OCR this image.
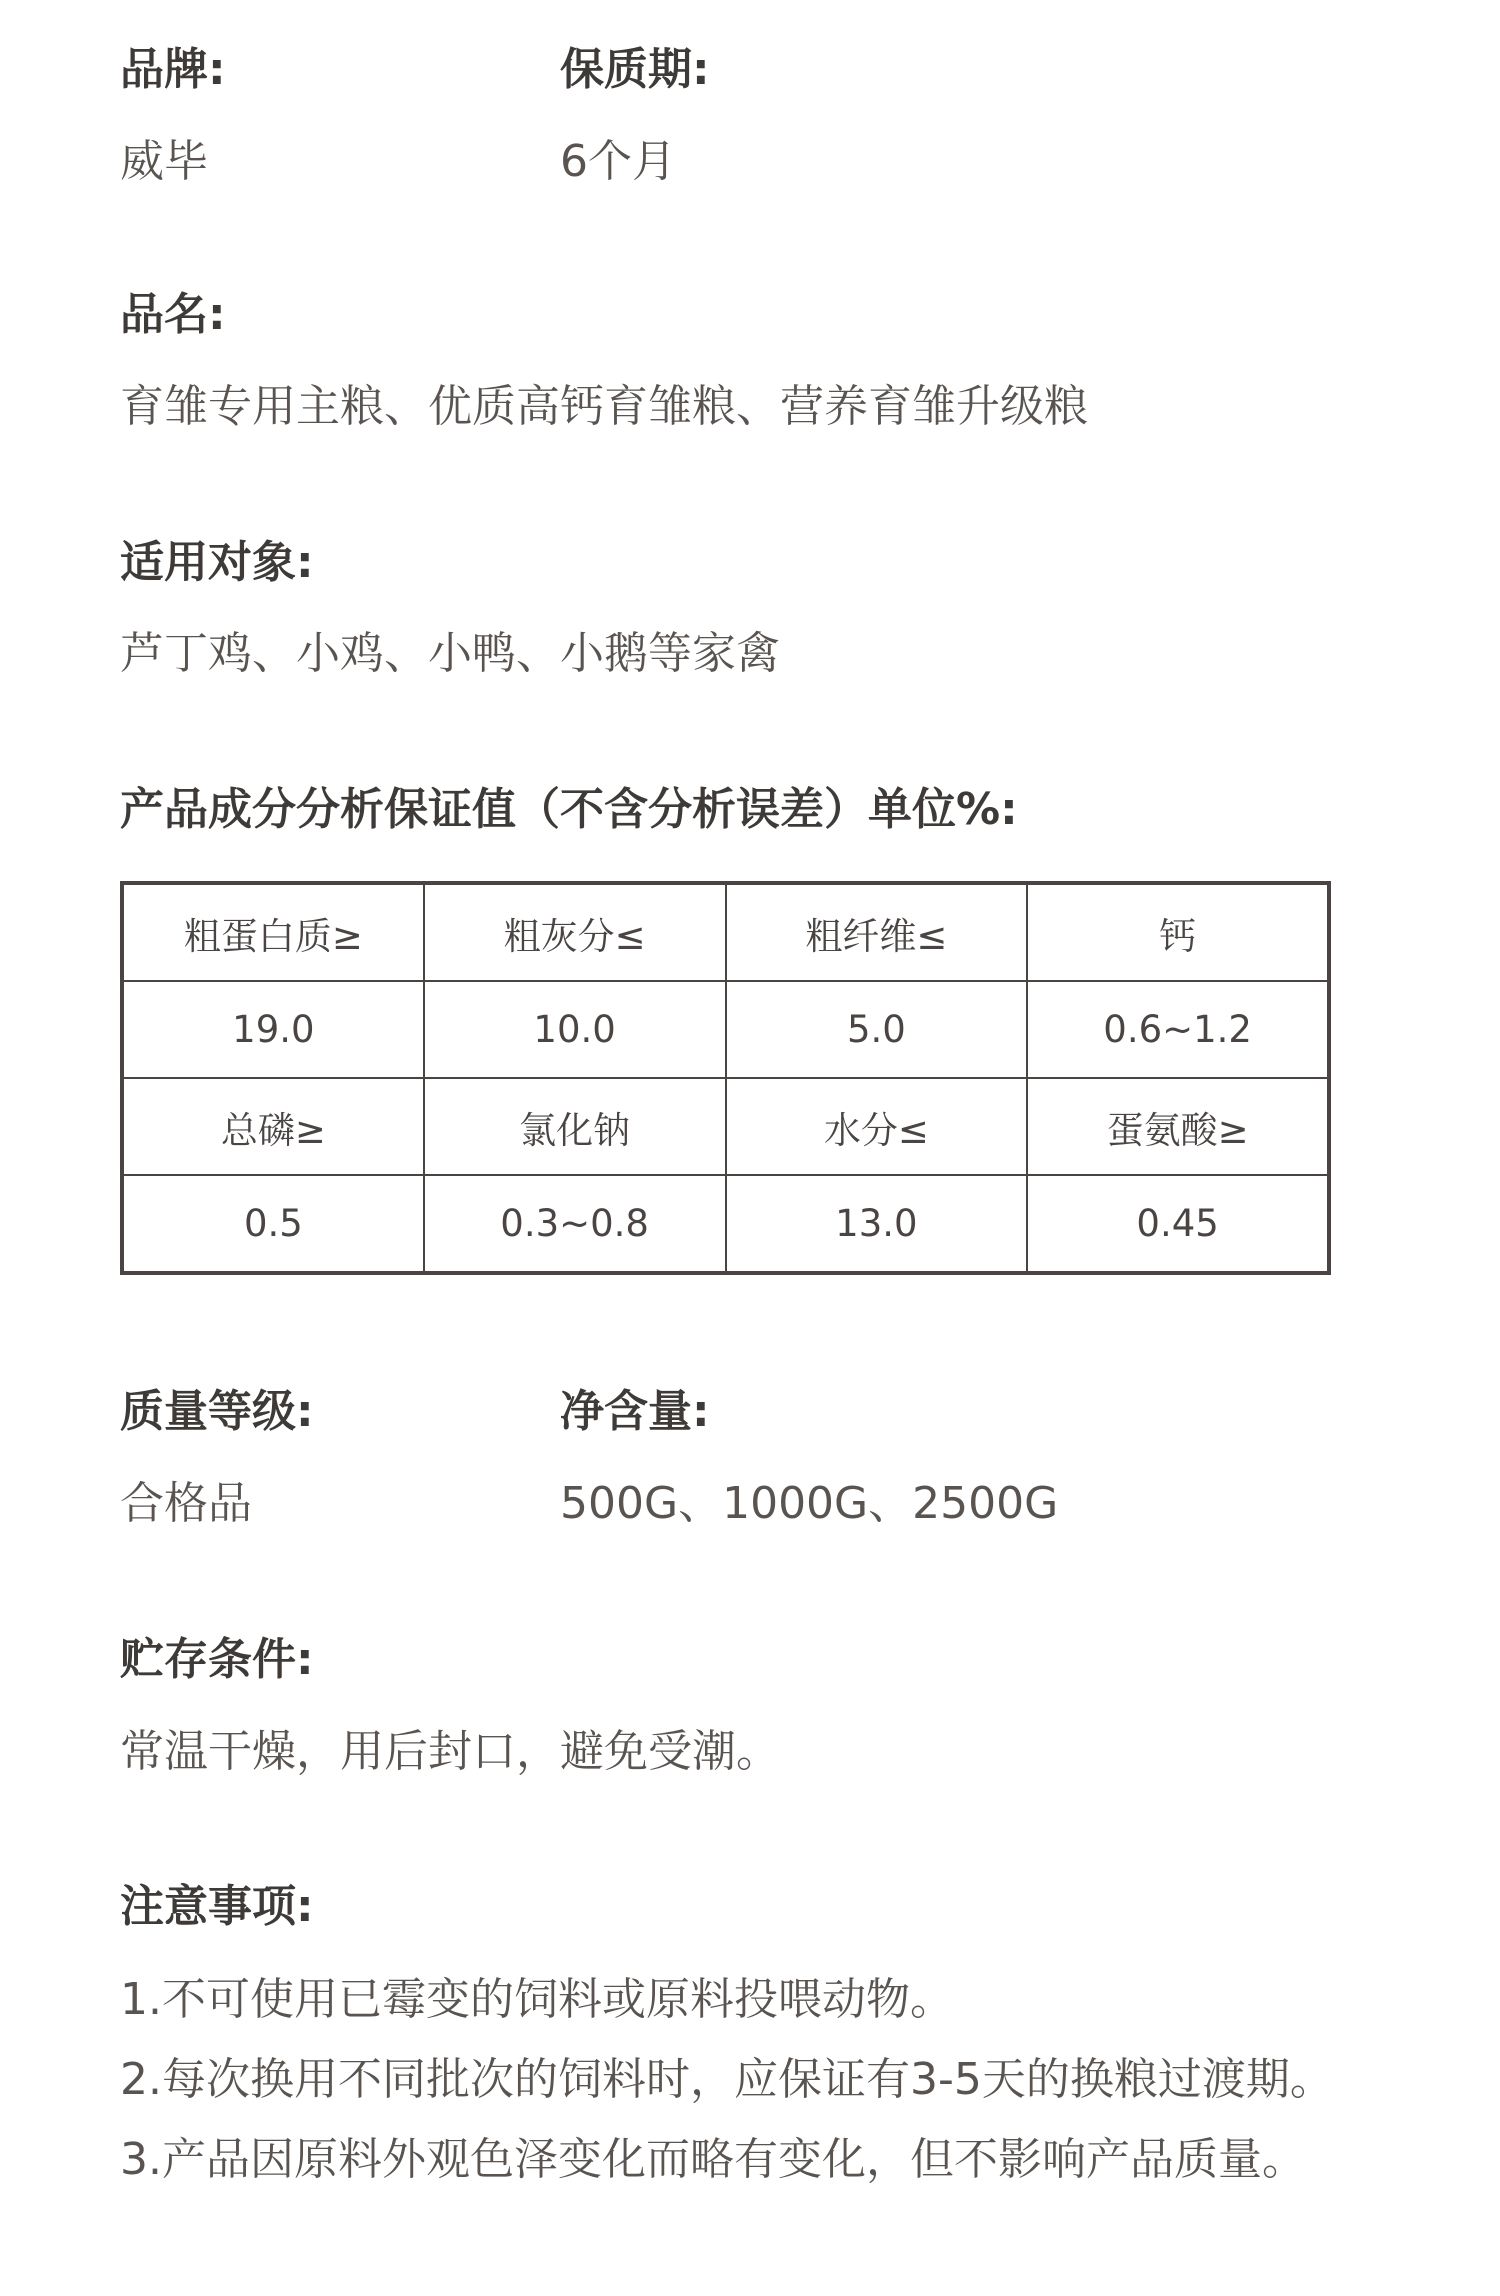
品牌:
威毕
保质期:
6个月
品名:
育雏专用主粮、优质高钙育雏粮、营养育雏升级粮
适用对象:
芦丁鸡、小鸡、小鸭、小鹅等家禽
产品成分分析保证值（不含分析误差）单位%:
粗蛋白质≥	粗灰分≤	粗纤维≤	钙
19.0	10.0	5.0	0.6~1.2
总磷≥	氯化钠	水分≤	蛋氨酸≥
0.5	0.3~0.8	13.0	0.45
质量等级:
合格品
净含量:
500G、1000G、2500G
贮存条件:
常温干燥，用后封口，避免受潮。
注意事项:

1.不可使用已霉变的饲料或原料投喂动物。

2.每次换用不同批次的饲料时，应保证有3-5天的换粮过渡期。

3.产品因原料外观色泽变化而略有变化，但不影响产品质量。
